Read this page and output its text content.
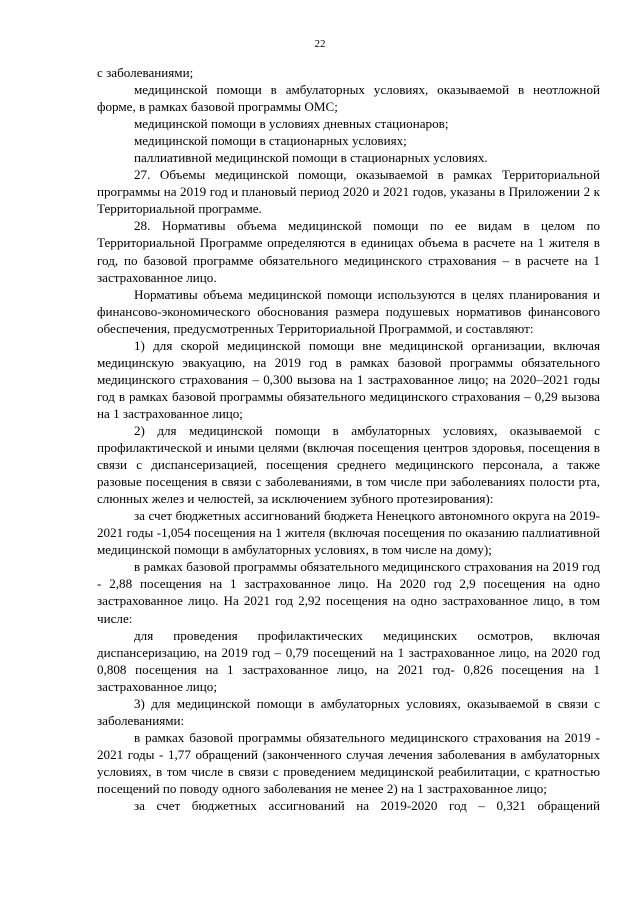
22

с заболеваниями;

медицинской помощи в амбулаторных условиях, оказываемой в неотложной форме, в рамках базовой программы ОМС;

медицинской помощи в условиях дневных стационаров;

медицинской помощи в стационарных условиях;

паллиативной медицинской помощи в стационарных условиях.

27. Объемы медицинской помощи, оказываемой в рамках Территориальной программы на 2019 год и плановый период 2020 и 2021 годов, указаны в Приложении 2 к Территориальной программе.

28. Нормативы объема медицинской помощи по ее видам в целом по Территориальной Программе определяются в единицах объема в расчете на 1 жителя в год, по базовой программе обязательного медицинского страхования – в расчете на 1 застрахованное лицо.

Нормативы объема медицинской помощи используются в целях планирования и финансово-экономического обоснования размера подушевых нормативов финансового обеспечения, предусмотренных Территориальной Программой, и составляют:

1) для скорой медицинской помощи вне медицинской организации, включая медицинскую эвакуацию, на 2019 год в рамках базовой программы обязательного медицинского страхования – 0,300 вызова на 1 застрахованное лицо; на 2020–2021 годы год в рамках базовой программы обязательного медицинского страхования – 0,29 вызова на 1 застрахованное лицо;

2) для медицинской помощи в амбулаторных условиях, оказываемой с профилактической и иными целями (включая посещения центров здоровья, посещения в связи с диспансеризацией, посещения среднего медицинского персонала, а также разовые посещения в связи с заболеваниями, в том числе при заболеваниях полости рта, слюнных желез и челюстей, за исключением зубного протезирования):

за счет бюджетных ассигнований бюджета Ненецкого автономного округа на 2019-2021 годы -1,054 посещения на 1 жителя (включая посещения по оказанию паллиативной медицинской помощи в амбулаторных условиях, в том числе на дому);

в рамках базовой программы обязательного медицинского страхования на 2019 год - 2,88 посещения на 1 застрахованное лицо. На 2020 год 2,9 посещения на одно застрахованное лицо. На 2021 год 2,92 посещения на одно застрахованное лицо, в том числе:

для проведения профилактических медицинских осмотров, включая диспансеризацию, на 2019 год – 0,79 посещений на 1 застрахованное лицо, на 2020 год 0,808 посещения на 1 застрахованное лицо, на 2021 год- 0,826 посещения на 1 застрахованное лицо;

3) для медицинской помощи в амбулаторных условиях, оказываемой в связи с заболеваниями:

в рамках базовой программы обязательного медицинского страхования на 2019 - 2021 годы - 1,77 обращений (законченного случая лечения заболевания в амбулаторных условиях, в том числе в связи с проведением медицинской реабилитации, с кратностью посещений по поводу одного заболевания не менее 2) на 1 застрахованное лицо;

за счет бюджетных ассигнований на 2019-2020 год – 0,321 обращений
